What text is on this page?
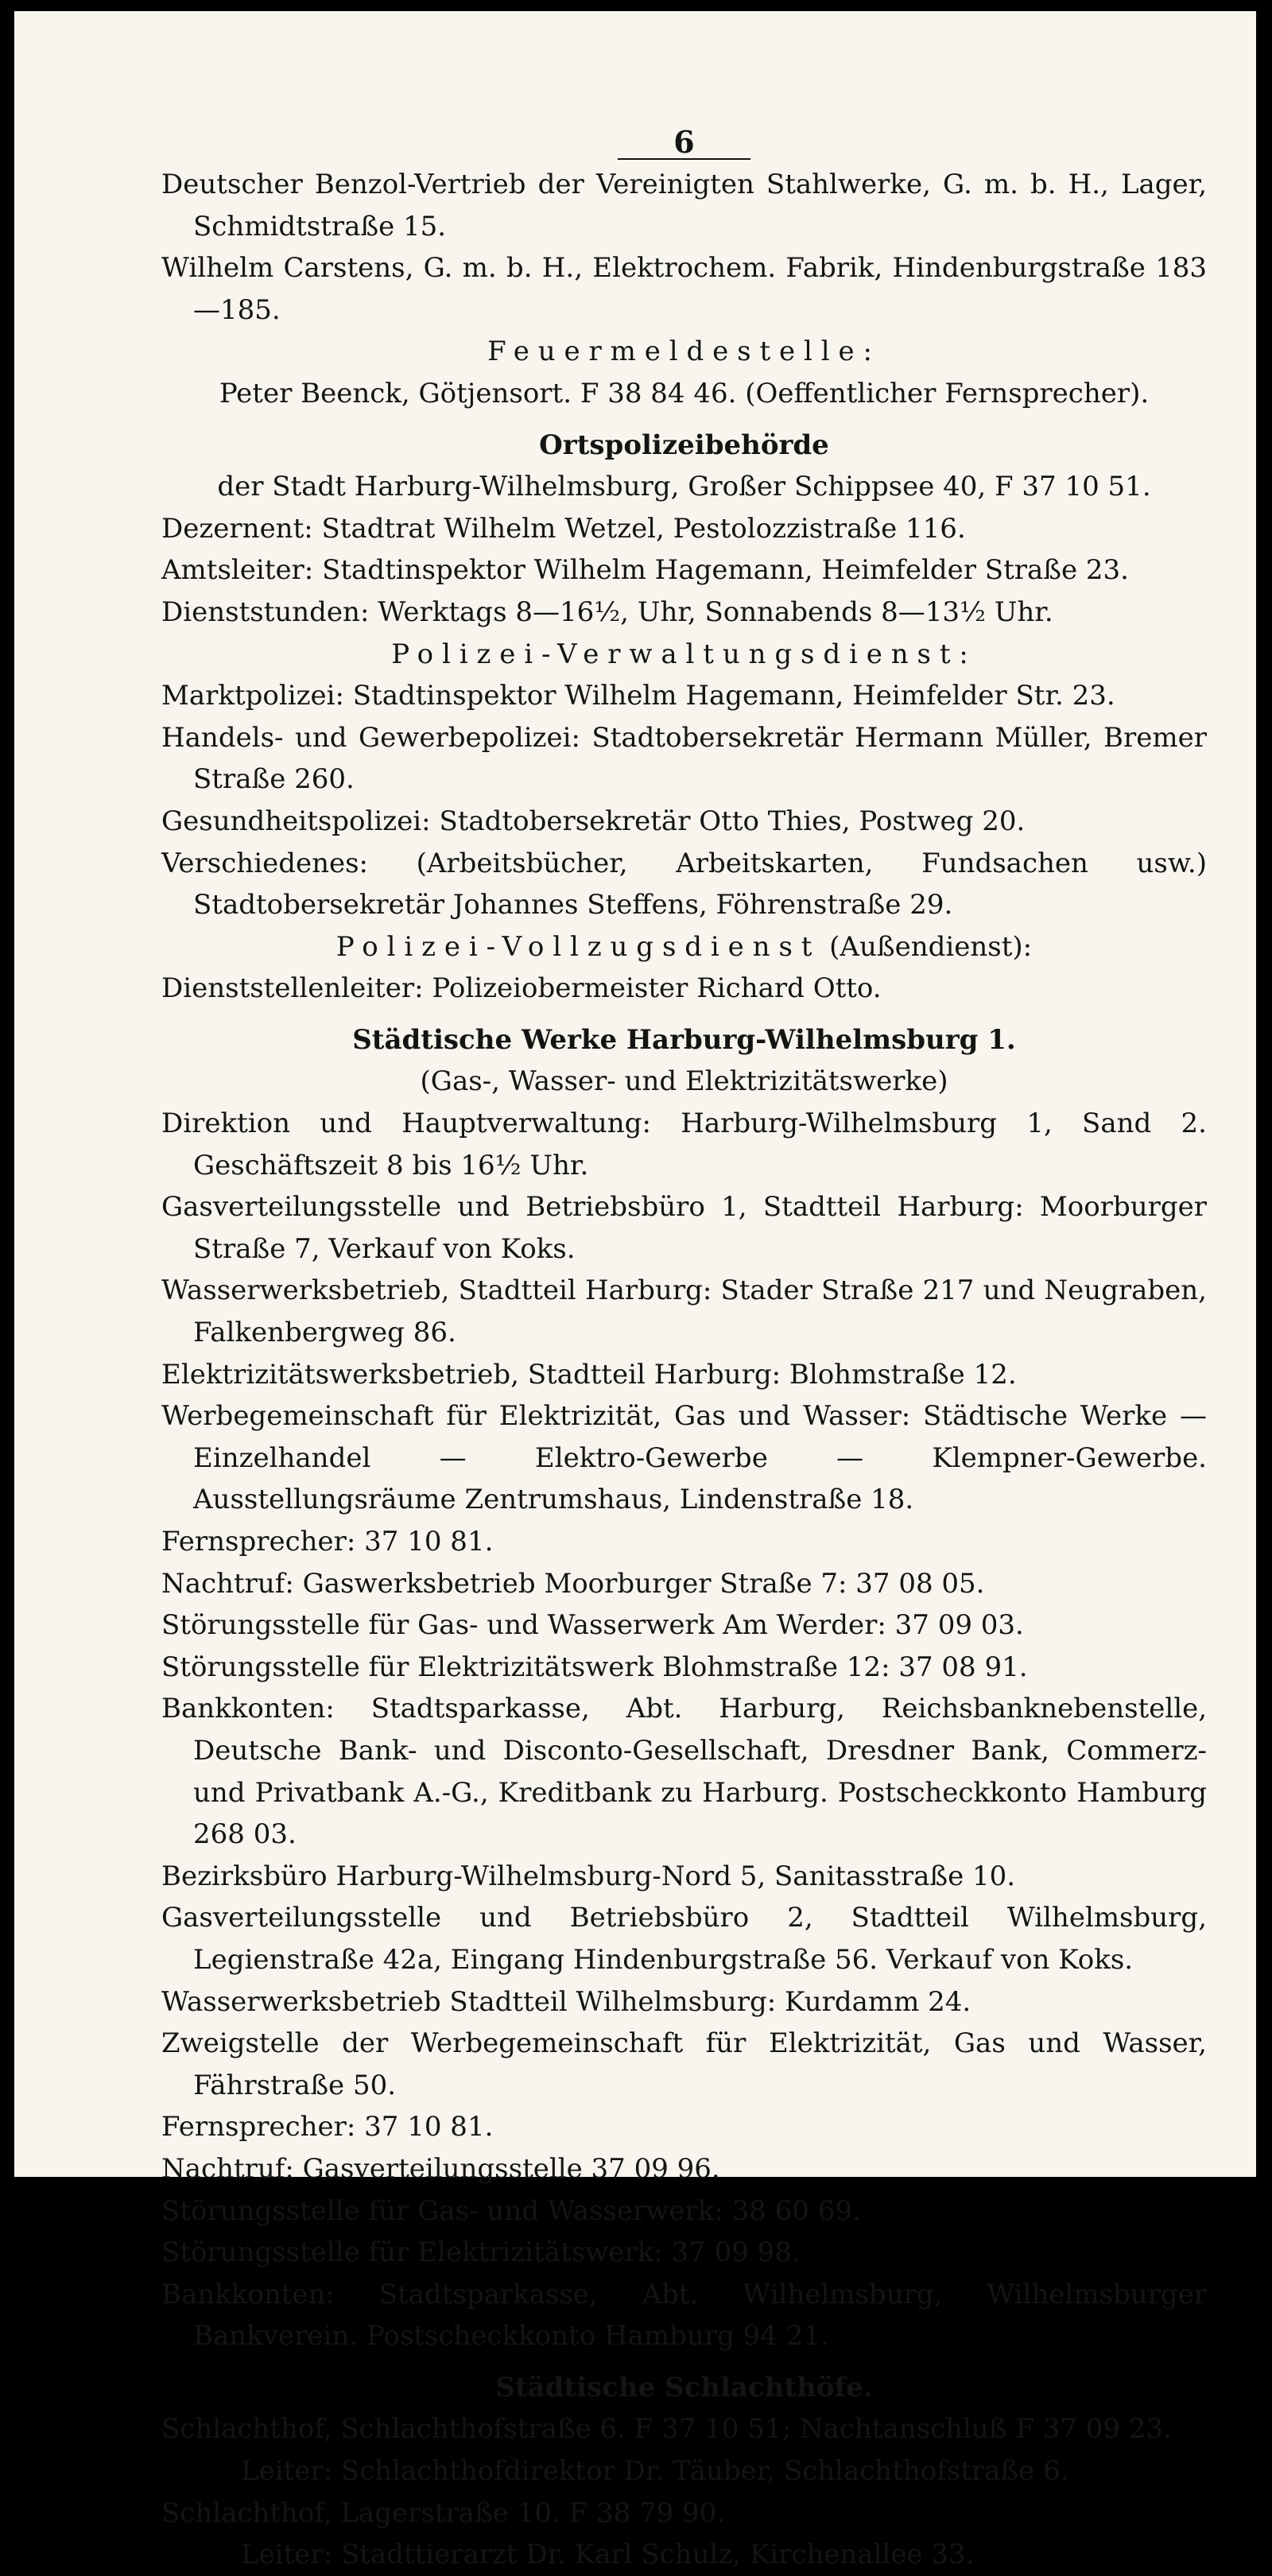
6
Deutscher Benzol-Vertrieb der Vereinigten Stahlwerke, G. m. b. H., Lager, Schmidtstraße 15.
Wilhelm Carstens, G. m. b. H., Elektrochem. Fabrik, Hindenburgstraße 183—185.
Feuermeldestelle:
Peter Beenck, Götjensort. F 38 84 46. (Oeffentlicher Fernsprecher).
Ortspolizeibehörde
der Stadt Harburg-Wilhelmsburg, Großer Schippsee 40, F 37 10 51.
Dezernent: Stadtrat Wilhelm Wetzel, Pestolozzistraße 116.
Amtsleiter: Stadtinspektor Wilhelm Hagemann, Heimfelder Straße 23.
Dienststunden: Werktags 8—16½, Uhr, Sonnabends 8—13½ Uhr.
Polizei-Verwaltungsdienst:
Marktpolizei: Stadtinspektor Wilhelm Hagemann, Heimfelder Str. 23.
Handels- und Gewerbepolizei: Stadtobersekretär Hermann Müller, Bremer Straße 260.
Gesundheitspolizei: Stadtobersekretär Otto Thies, Postweg 20.
Verschiedenes: (Arbeitsbücher, Arbeitskarten, Fundsachen usw.) Stadtobersekretär Johannes Steffens, Föhrenstraße 29.
Polizei-Vollzugsdienst (Außendienst):
Dienststellenleiter: Polizeiobermeister Richard Otto.
Städtische Werke Harburg-Wilhelmsburg 1.
(Gas-, Wasser- und Elektrizitätswerke)
Direktion und Hauptverwaltung: Harburg-Wilhelmsburg 1, Sand 2. Geschäftszeit 8 bis 16½ Uhr.
Gasverteilungsstelle und Betriebsbüro 1, Stadtteil Harburg: Moorburger Straße 7, Verkauf von Koks.
Wasserwerksbetrieb, Stadtteil Harburg: Stader Straße 217 und Neugraben, Falkenbergweg 86.
Elektrizitätswerksbetrieb, Stadtteil Harburg: Blohmstraße 12.
Werbegemeinschaft für Elektrizität, Gas und Wasser: Städtische Werke — Einzelhandel — Elektro-Gewerbe — Klempner-Gewerbe. Ausstellungsräume Zentrumshaus, Lindenstraße 18.
Fernsprecher: 37 10 81.
Nachtruf: Gaswerksbetrieb Moorburger Straße 7: 37 08 05.
Störungsstelle für Gas- und Wasserwerk Am Werder: 37 09 03.
Störungsstelle für Elektrizitätswerk Blohmstraße 12: 37 08 91.
Bankkonten: Stadtsparkasse, Abt. Harburg, Reichsbanknebenstelle, Deutsche Bank- und Disconto-Gesellschaft, Dresdner Bank, Commerz- und Privatbank A.-G., Kreditbank zu Harburg. Postscheckkonto Hamburg 268 03.
Bezirksbüro Harburg-Wilhelmsburg-Nord 5, Sanitasstraße 10.
Gasverteilungsstelle und Betriebsbüro 2, Stadtteil Wilhelmsburg, Legienstraße 42a, Eingang Hindenburgstraße 56. Verkauf von Koks.
Wasserwerksbetrieb Stadtteil Wilhelmsburg: Kurdamm 24.
Zweigstelle der Werbegemeinschaft für Elektrizität, Gas und Wasser, Fährstraße 50.
Fernsprecher: 37 10 81.
Nachtruf: Gasverteilungsstelle 37 09 96.
Störungsstelle für Gas- und Wasserwerk: 38 60 69.
Störungsstelle für Elektrizitätswerk: 37 09 98.
Bankkonten: Stadtsparkasse, Abt. Wilhelmsburg, Wilhelmsburger Bankverein. Postscheckkonto Hamburg 94 21.
Städtische Schlachthöfe.
Schlachthof, Schlachthofstraße 6. F 37 10 51; Nachtanschluß F 37 09 23.
Leiter: Schlachthofdirektor Dr. Täuber, Schlachthofstraße 6.
Schlachthof, Lagerstraße 10. F 38 79 90.
Leiter: Stadttierarzt Dr. Karl Schulz, Kirchenallee 33.
